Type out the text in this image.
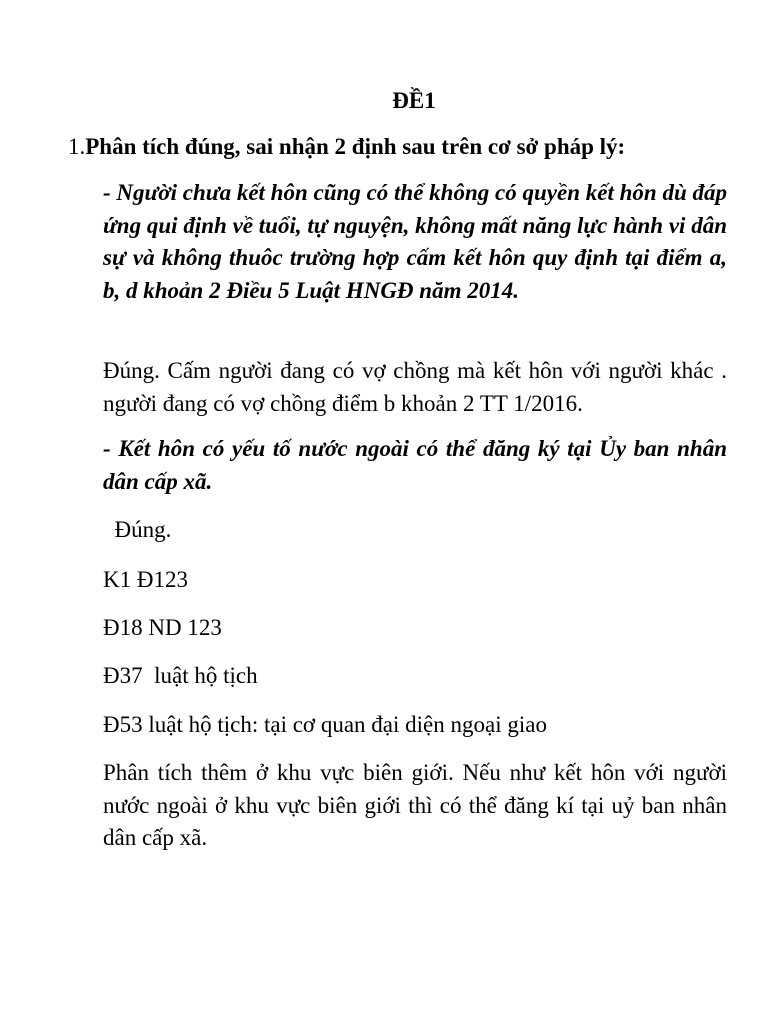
ĐỀ1
1.Phân tích đúng, sai nhận 2 định sau trên cơ sở pháp lý:
- Người chưa kết hôn cũng có thể không có quyền kết hôn dù đáp ứng qui định về tuổi, tự nguyện, không mất năng lực hành vi dân sự và không thuôc trường hợp cấm kết hôn quy định tại điểm a, b, d khoản 2 Điều 5 Luật HNGĐ năm 2014.
Đúng. Cấm người đang có vợ chồng mà kết hôn với người khác . người đang có vợ chồng điểm b khoản 2 TT 1/2016.
- Kết hôn có yếu tố nước ngoài có thể đăng ký tại Ủy ban nhân dân cấp xã.
Đúng.
K1 Đ123
Đ18 ND 123
Đ37  luật hộ tịch
Đ53 luật hộ tịch: tại cơ quan đại diện ngoại giao
Phân tích thêm ở khu vực biên giới. Nếu như kết hôn với người nước ngoài ở khu vực biên giới thì có thể đăng kí tại uỷ ban nhân dân cấp xã.
